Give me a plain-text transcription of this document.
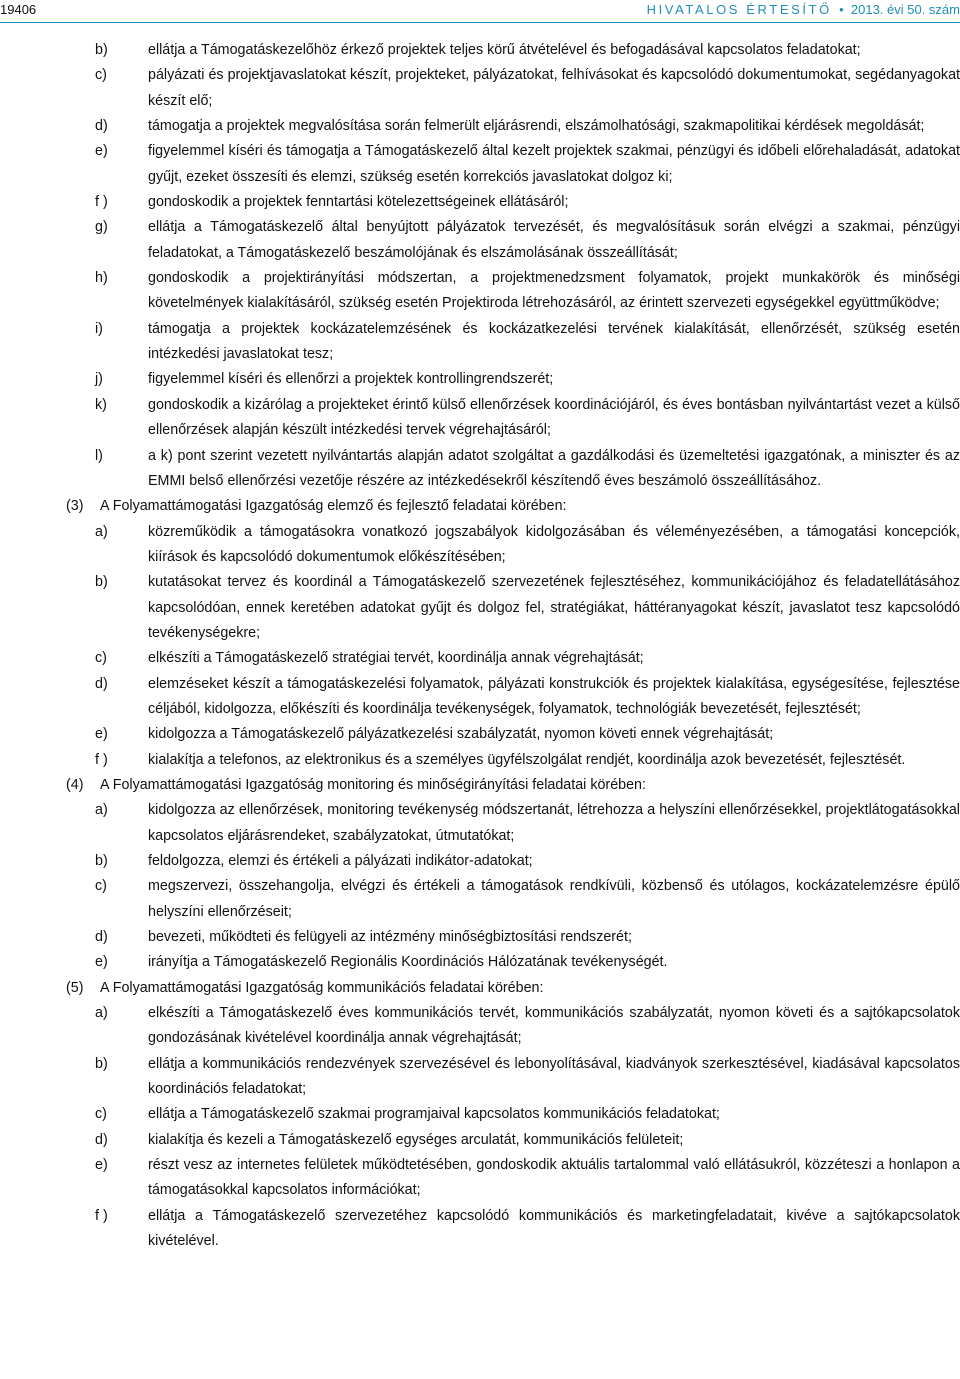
19406	HIVATALOS ÉRTESÍTŐ • 2013. évi 50. szám
b)	ellátja a Támogatáskezelőhöz érkező projektek teljes körű átvételével és befogadásával kapcsolatos feladatokat;
c)	pályázati és projektjavaslatokat készít, projekteket, pályázatokat, felhívásokat és kapcsolódó dokumentumokat, segédanyagokat készít elő;
d)	támogatja a projektek megvalósítása során felmerült eljárásrendi, elszámolhatósági, szakmapolitikai kérdések megoldását;
e)	figyelemmel kíséri és támogatja a Támogatáskezelő által kezelt projektek szakmai, pénzügyi és időbeli előrehaladását, adatokat gyűjt, ezeket összesíti és elemzi, szükség esetén korrekciós javaslatokat dolgoz ki;
f )	gondoskodik a projektek fenntartási kötelezettségeinek ellátásáról;
g)	ellátja a Támogatáskezelő által benyújtott pályázatok tervezését, és megvalósításuk során elvégzi a szakmai, pénzügyi feladatokat, a Támogatáskezelő beszámolójának és elszámolásának összeállítását;
h)	gondoskodik a projektirányítási módszertan, a projektmenedzsment folyamatok, projekt munkakörök és minőségi követelmények kialakításáról, szükség esetén Projektiroda létrehozásáról, az érintett szervezeti egységekkel együttműködve;
i)	támogatja a projektek kockázatelemzésének és kockázatkezelési tervének kialakítását, ellenőrzését, szükség esetén intézkedési javaslatokat tesz;
j)	figyelemmel kíséri és ellenőrzi a projektek kontrollingrendszerét;
k)	gondoskodik a kizárólag a projekteket érintő külső ellenőrzések koordinációjáról, és éves bontásban nyilvántartást vezet a külső ellenőrzések alapján készült intézkedési tervek végrehajtásáról;
l)	a k) pont szerint vezetett nyilvántartás alapján adatot szolgáltat a gazdálkodási és üzemeltetési igazgatónak, a miniszter és az EMMI belső ellenőrzési vezetője részére az intézkedésekről készítendő éves beszámoló összeállításához.
(3) A Folyamattámogatási Igazgatóság elemző és fejlesztő feladatai körében:
a)	közreműködik a támogatásokra vonatkozó jogszabályok kidolgozásában és véleményezésében, a támogatási koncepciók, kiírások és kapcsolódó dokumentumok előkészítésében;
b)	kutatásokat tervez és koordinál a Támogatáskezelő szervezetének fejlesztéséhez, kommunikációjához és feladatellátásához kapcsolódóan, ennek keretében adatokat gyűjt és dolgoz fel, stratégiákat, háttéranyagokat készít, javaslatot tesz kapcsolódó tevékenységekre;
c)	elkészíti a Támogatáskezelő stratégiai tervét, koordinálja annak végrehajtását;
d)	elemzéseket készít a támogatáskezelési folyamatok, pályázati konstrukciók és projektek kialakítása, egységesítése, fejlesztése céljából, kidolgozza, előkészíti és koordinálja tevékenységek, folyamatok, technológiák bevezetését, fejlesztését;
e)	kidolgozza a Támogatáskezelő pályázatkezelési szabályzatát, nyomon követi ennek végrehajtását;
f )	kialakítja a telefonos, az elektronikus és a személyes ügyfélszolgálat rendjét, koordinálja azok bevezetését, fejlesztését.
(4) A Folyamattámogatási Igazgatóság monitoring és minőségirányítási feladatai körében:
a)	kidolgozza az ellenőrzések, monitoring tevékenység módszertanát, létrehozza a helyszíni ellenőrzésekkel, projektlátogatásokkal kapcsolatos eljárásrendeket, szabályzatokat, útmutatókat;
b)	feldolgozza, elemzi és értékeli a pályázati indikátor-adatokat;
c)	megszervezi, összehangolja, elvégzi és értékeli a támogatások rendkívüli, közbenső és utólagos, kockázatelemzésre épülő helyszíni ellenőrzéseit;
d)	bevezeti, működteti és felügyeli az intézmény minőségbiztosítási rendszerét;
e)	irányítja a Támogatáskezelő Regionális Koordinációs Hálózatának tevékenységét.
(5) A Folyamattámogatási Igazgatóság kommunikációs feladatai körében:
a)	elkészíti a Támogatáskezelő éves kommunikációs tervét, kommunikációs szabályzatát, nyomon követi és a sajtókapcsolatok gondozásának kivételével koordinálja annak végrehajtását;
b)	ellátja a kommunikációs rendezvények szervezésével és lebonyolításával, kiadványok szerkesztésével, kiadásával kapcsolatos koordinációs feladatokat;
c)	ellátja a Támogatáskezelő szakmai programjaival kapcsolatos kommunikációs feladatokat;
d)	kialakítja és kezeli a Támogatáskezelő egységes arculatát, kommunikációs felületeit;
e)	részt vesz az internetes felületek működtetésében, gondoskodik aktuális tartalommal való ellátásukról, közzéteszi a honlapon a támogatásokkal kapcsolatos információkat;
f )	ellátja a Támogatáskezelő szervezetéhez kapcsolódó kommunikációs és marketingfeladatait, kivéve a sajtókapcsolatok kivételével.
